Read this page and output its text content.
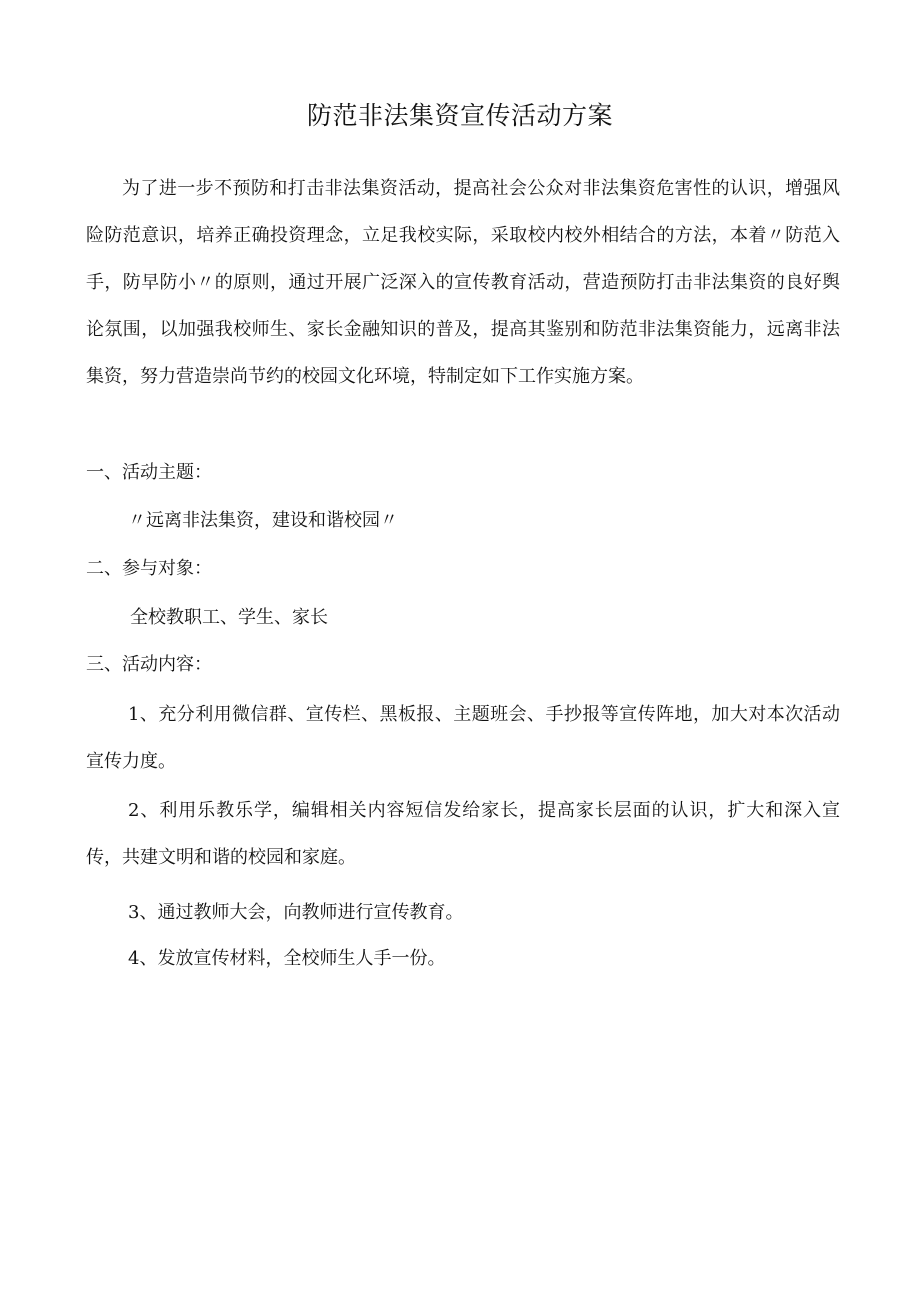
防范非法集资宣传活动方案

为了进一步不预防和打击非法集资活动，提高社会公众对非法集资危害性的认识，增强风险防范意识，培养正确投资理念，立足我校实际，采取校内校外相结合的方法，本着〃防范入手，防早防小〃的原则，通过开展广泛深入的宣传教育活动，营造预防打击非法集资的良好舆论氛围，以加强我校师生、家长金融知识的普及，提高其鉴别和防范非法集资能力，远离非法集资，努力营造崇尚节约的校园文化环境，特制定如下工作实施方案。

一、活动主题：

〃远离非法集资，建设和谐校园〃

二、参与对象：

全校教职工、学生、家长

三、活动内容：

1、充分利用微信群、宣传栏、黑板报、主题班会、手抄报等宣传阵地，加大对本次活动宣传力度。

2、利用乐教乐学，编辑相关内容短信发给家长，提高家长层面的认识，扩大和深入宣传，共建文明和谐的校园和家庭。

3、通过教师大会，向教师进行宣传教育。

4、发放宣传材料，全校师生人手一份。
